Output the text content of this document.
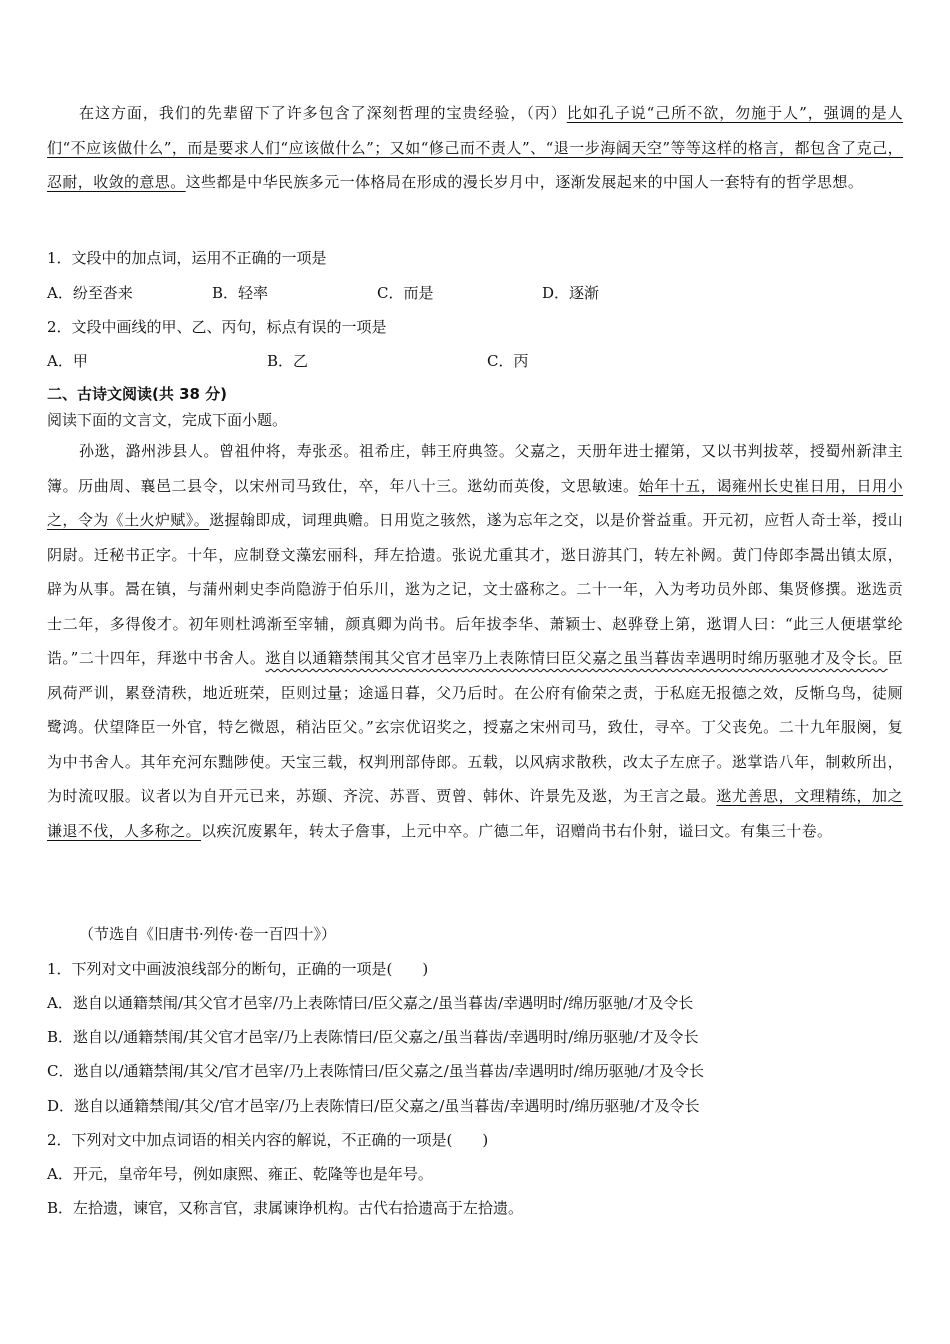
在这方面，我们的先辈留下了许多包含了深刻哲理的宝贵经验，（丙）比如孔子说“己所不欲，勿施于人”，强调的是人们“不应该做什么”，而是要求人们“应该做什么”；又如“修己而不责人”、“退一步海阔天空”等等这样的格言，都包含了克己，忍耐，收敛的意思。这些都是中华民族多元一体格局在形成的漫长岁月中，逐渐发展起来的中国人一套特有的哲学思想。

1．文段中的加点词，运用不正确的一项是

A．纷至沓来	B．轻率	C．而是	D．逐渐

2．文段中画线的甲、乙、丙句，标点有误的一项是

A．甲	B．乙	C．丙

二、古诗文阅读(共 38 分)

阅读下面的文言文，完成下面小题。

孙逖，潞州涉县人。曾祖仲将，寿张丞。祖希庄，韩王府典签。父嘉之，天册年进士擢第，又以书判拔萃，授蜀州新津主簿。历曲周、襄邑二县令，以宋州司马致仕，卒，年八十三。逖幼而英俊，文思敏速。始年十五，谒雍州长史崔日用，日用小之，令为《土火炉赋》。逖握翰即成，词理典赡。日用览之骇然，遂为忘年之交，以是价誉益重。开元初，应哲人奇士举，授山阴尉。迁秘书正字。十年，应制登文藻宏丽科，拜左拾遗。张说尤重其才，逖日游其门，转左补阙。黄门侍郎李暠出镇太原，辟为从事。暠在镇，与蒲州刺史李尚隐游于伯乐川，逖为之记，文士盛称之。二十一年，入为考功员外郎、集贤修撰。逖选贡士二年，多得俊才。初年则杜鸿渐至宰辅，颜真卿为尚书。后年拔李华、萧颖士、赵骅登上第，逖谓人曰：“此三人便堪掌纶诰。”二十四年，拜逖中书舍人。逖自以通籍禁闱其父官才邑宰乃上表陈情曰臣父嘉之虽当暮齿幸遇明时绵历驱驰才及令长。臣夙荷严训，累登清秩，地近班荣，臣则过量；途遥日暮，父乃后时。在公府有偷荣之责，于私庭无报德之效，反惭乌鸟，徒厕鹭鸿。伏望降臣一外官，特乞微恩，稍沾臣父。”玄宗优诏奖之，授嘉之宋州司马，致仕，寻卒。丁父丧免。二十九年服阕，复为中书舍人。其年充河东黜陟使。天宝三载，权判刑部侍郎。五载，以风病求散秩，改太子左庶子。逖掌诰八年，制敕所出，为时流叹服。议者以为自开元已来，苏颋、齐浣、苏晋、贾曾、韩休、许景先及逖，为王言之最。逖尤善思，文理精练，加之谦退不伐，人多称之。以疾沉废累年，转太子詹事，上元中卒。广德二年，诏赠尚书右仆射，谥曰文。有集三十卷。

（节选自《旧唐书·列传·卷一百四十》）

1．下列对文中画波浪线部分的断句，正确的一项是(　　)

A．逖自以通籍禁闱/其父官才邑宰/乃上表陈情曰/臣父嘉之/虽当暮齿/幸遇明时/绵历驱驰/才及令长

B．逖自以/通籍禁闱/其父官才邑宰/乃上表陈情曰/臣父嘉之/虽当暮齿/幸遇明时/绵历驱驰/才及令长

C．逖自以/通籍禁闱/其父/官才邑宰/乃上表陈情曰/臣父嘉之/虽当暮齿/幸遇明时/绵历驱驰/才及令长

D．逖自以通籍禁闱/其父/官才邑宰/乃上表陈情曰/臣父嘉之/虽当暮齿/幸遇明时/绵历驱驰/才及令长

2．下列对文中加点词语的相关内容的解说，不正确的一项是(　　)

A．开元，皇帝年号，例如康熙、雍正、乾隆等也是年号。

B．左拾遗，谏官，又称言官，隶属谏诤机构。古代右拾遗高于左拾遗。
